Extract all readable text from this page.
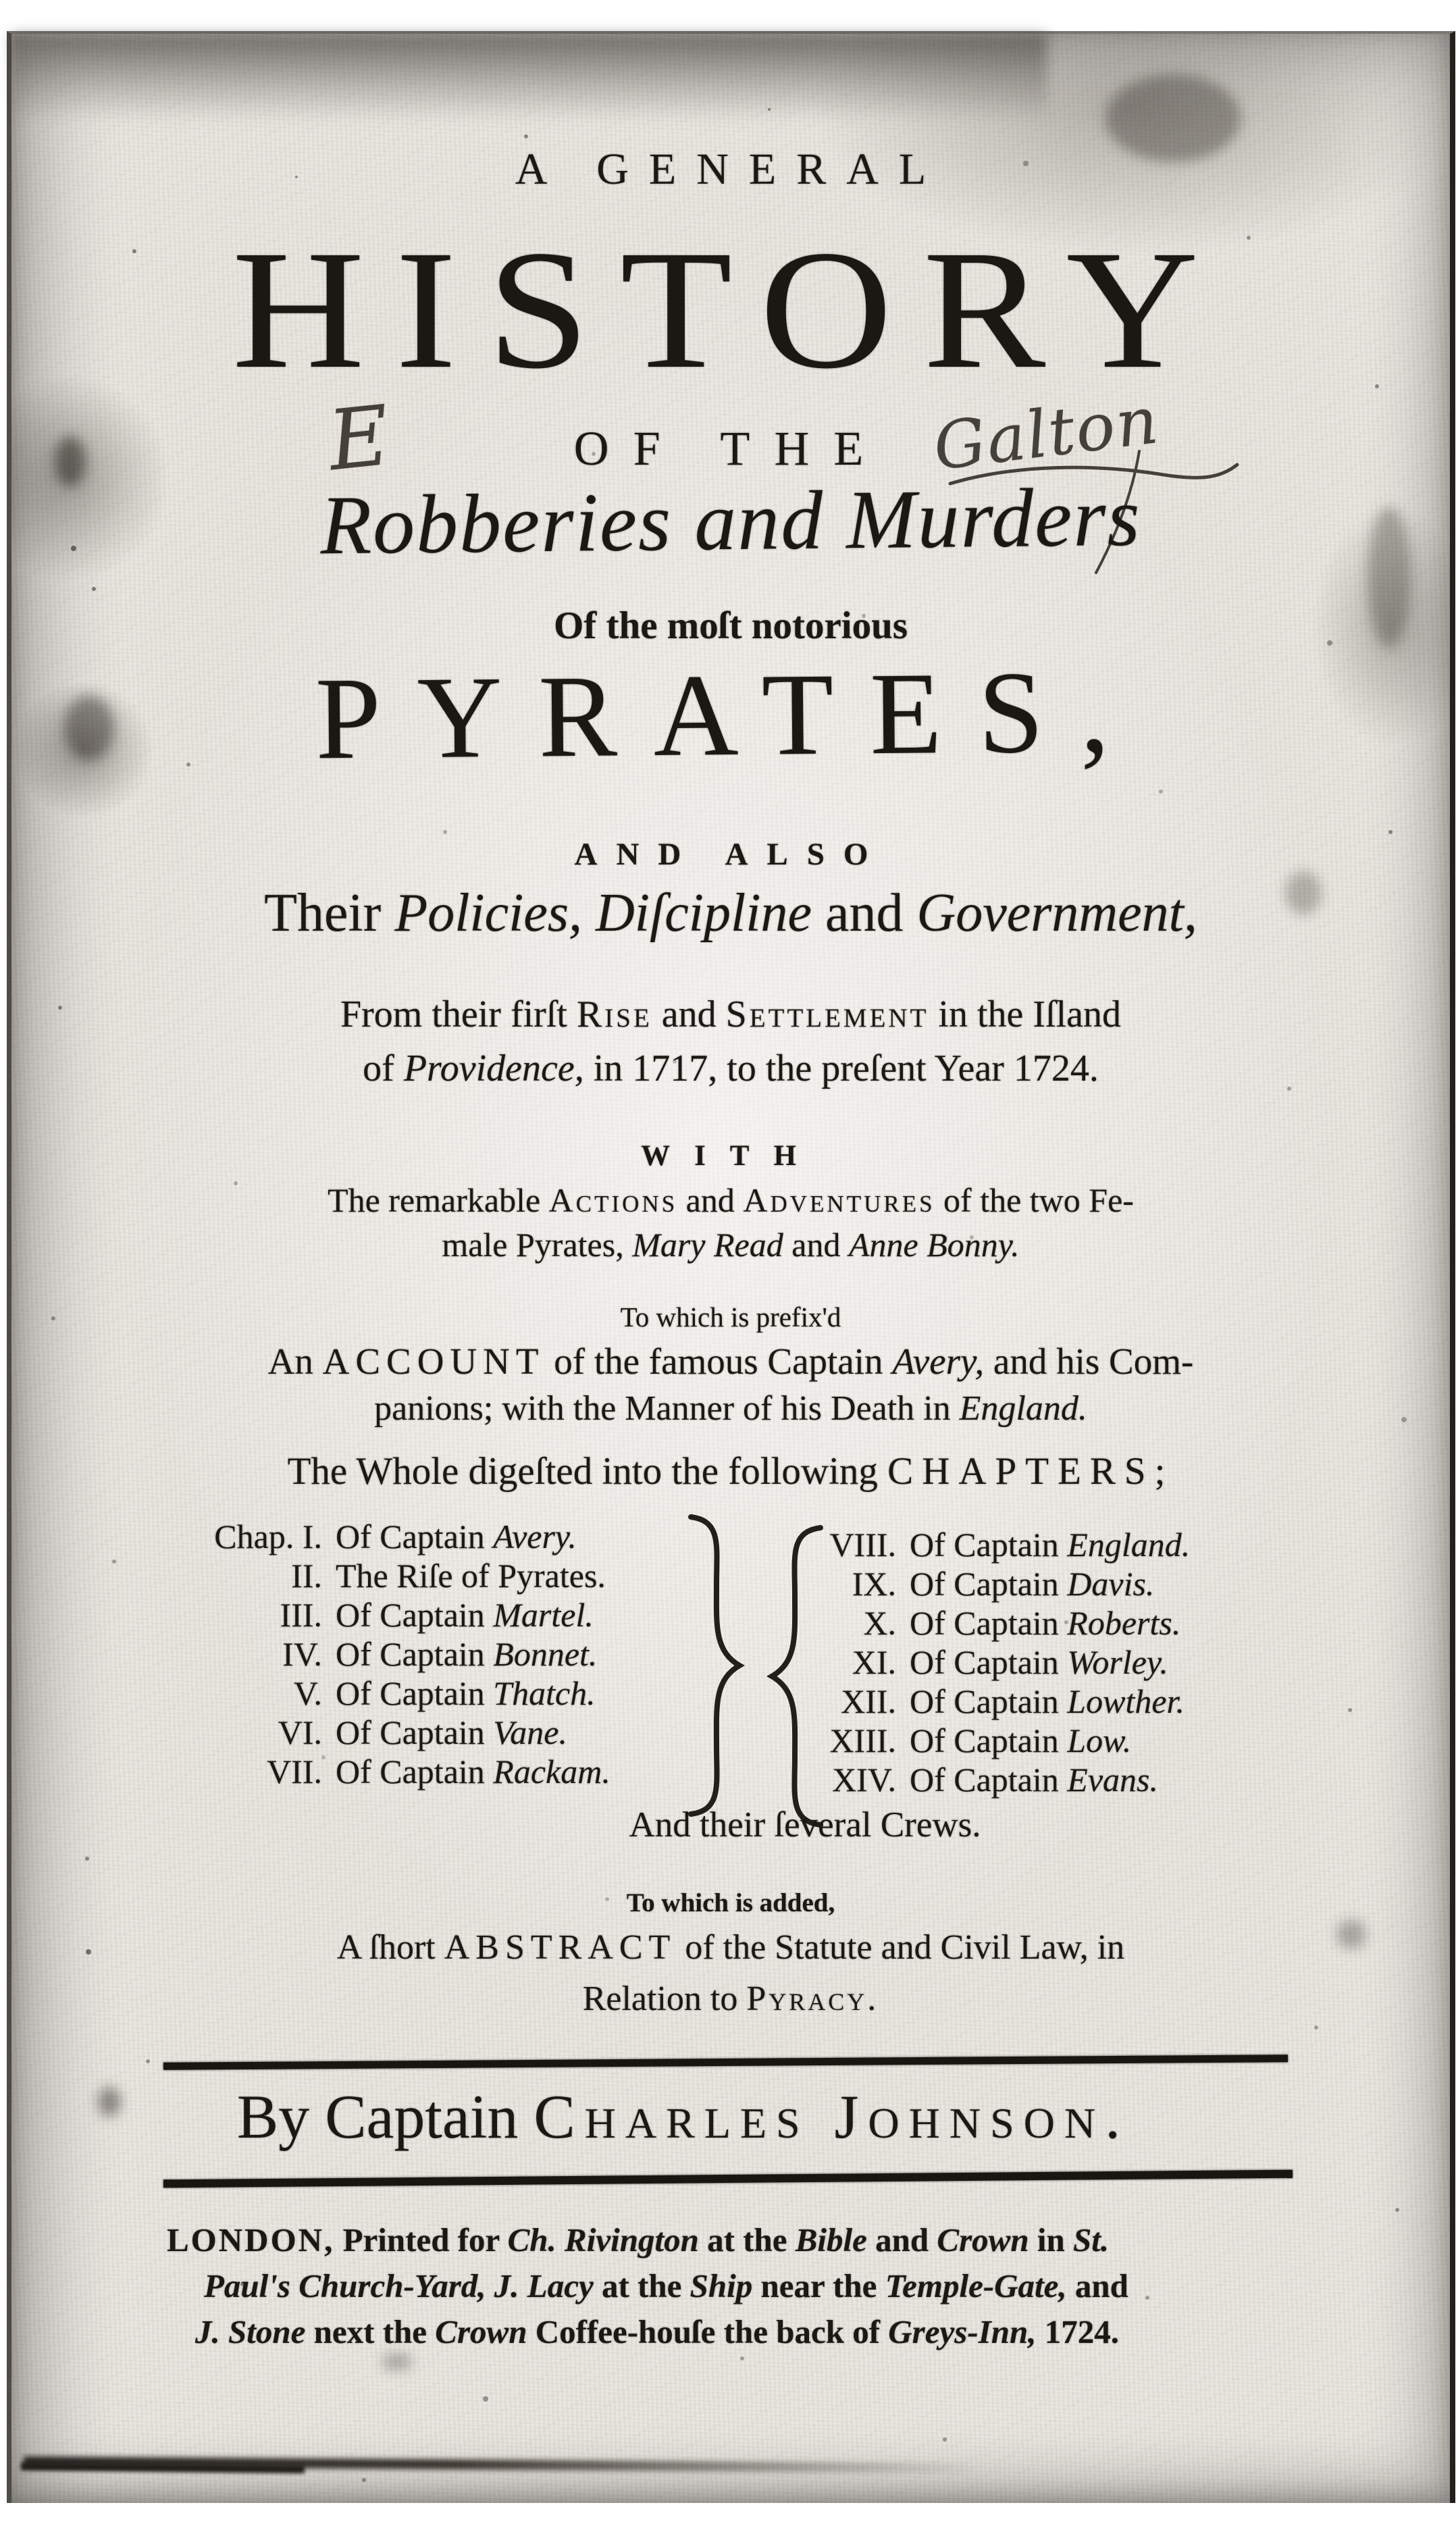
A GENERAL
HISTORY
OF THE
E	Galton
Robberies and Murders
Of the moſt notorious
PYRATES,
AND ALSO
Their Policies, Diſcipline and Government,
From their firſt Rise and Settlement in the Iſland
of Providence, in 1717, to the preſent Year 1724.
WITH
The remarkable Actions and Adventures of the two Fe-
male Pyrates, Mary Read and Anne Bonny.
To which is prefix'd
An ACCOUNT of the famous Captain Avery, and his Com-
panions; with the Manner of his Death in England.
The Whole digeſted into the following CHAPTERS;
Chap. I. Of Captain Avery.
II. The Riſe of Pyrates.
III. Of Captain Martel.
IV. Of Captain Bonnet.
V. Of Captain Thatch.
VI. Of Captain Vane.
VII. Of Captain Rackam.
VIII. Of Captain England.
IX. Of Captain Davis.
X. Of Captain Roberts.
XI. Of Captain Worley.
XII. Of Captain Lowther.
XIII. Of Captain Low.
XIV. Of Captain Evans.
And their ſeveral Crews.
To which is added,
A ſhort ABSTRACT of the Statute and Civil Law, in
Relation to Pyracy.
By Captain Charles Johnson.
LONDON, Printed for Ch. Rivington at the Bible and Crown in St.
Paul's Church-Yard, J. Lacy at the Ship near the Temple-Gate, and
J. Stone next the Crown Coffee-houſe the back of Greys-Inn, 1724.
